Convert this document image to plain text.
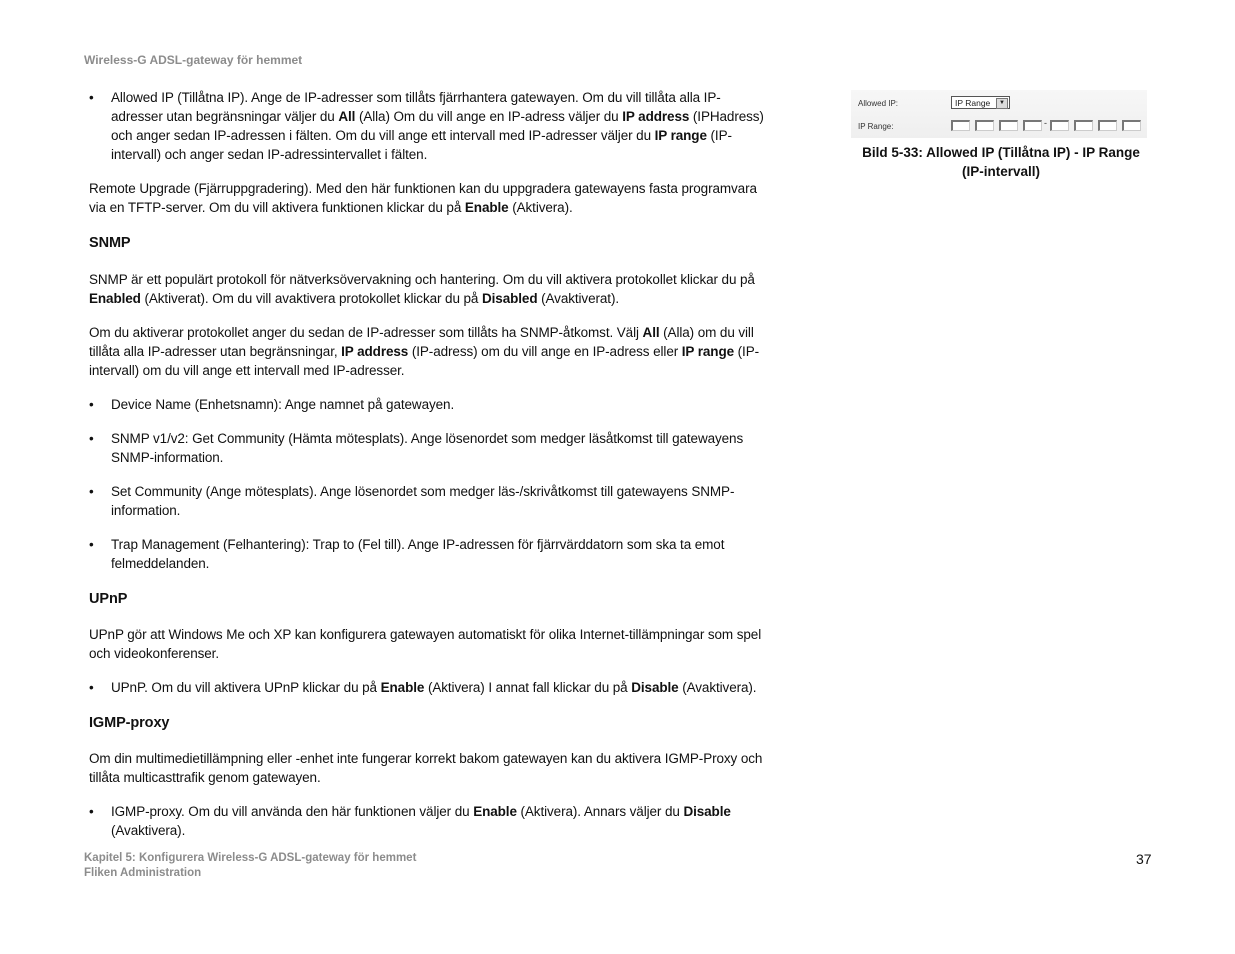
Wireless-G ADSL-gateway för hemmet

• Allowed IP (Tillåtna IP). Ange de IP-adresser som tillåts fjärrhantera gatewayen. Om du vill tillåta alla IP-adresser utan begränsningar väljer du All (Alla) Om du vill ange en IP-adress väljer du IP address (IPHadress) och anger sedan IP-adressen i fälten. Om du vill ange ett intervall med IP-adresser väljer du IP range (IP-intervall) och anger sedan IP-adressintervallet i fälten.

Remote Upgrade (Fjärruppgradering). Med den här funktionen kan du uppgradera gatewayens fasta programvara via en TFTP-server. Om du vill aktivera funktionen klickar du på Enable (Aktivera).

SNMP

SNMP är ett populärt protokoll för nätverksövervakning och hantering. Om du vill aktivera protokollet klickar du på Enabled (Aktiverat). Om du vill avaktivera protokollet klickar du på Disabled (Avaktiverat).

Om du aktiverar protokollet anger du sedan de IP-adresser som tillåts ha SNMP-åtkomst. Välj All (Alla) om du vill tillåta alla IP-adresser utan begränsningar, IP address (IP-adress) om du vill ange en IP-adress eller IP range (IP-intervall) om du vill ange ett intervall med IP-adresser.

• Device Name (Enhetsnamn): Ange namnet på gatewayen.

• SNMP v1/v2: Get Community (Hämta mötesplats). Ange lösenordet som medger läsåtkomst till gatewayens SNMP-information.

• Set Community (Ange mötesplats). Ange lösenordet som medger läs-/skrivåtkomst till gatewayens SNMP-information.

• Trap Management (Felhantering): Trap to (Fel till). Ange IP-adressen för fjärrvärddatorn som ska ta emot felmeddelanden.

UPnP

UPnP gör att Windows Me och XP kan konfigurera gatewayen automatiskt för olika Internet-tillämpningar som spel och videokonferenser.

• UPnP. Om du vill aktivera UPnP klickar du på Enable (Aktivera) I annat fall klickar du på Disable (Avaktivera).

IGMP-proxy

Om din multimedietillämpning eller -enhet inte fungerar korrekt bakom gatewayen kan du aktivera IGMP-Proxy och tillåta multicasttrafik genom gatewayen.

• IGMP-proxy. Om du vill använda den här funktionen väljer du Enable (Aktivera). Annars väljer du Disable (Avaktivera).

Allowed IP:	IP Range	▼
IP Range:	-
Bild 5-33: Allowed IP (Tillåtna IP) - IP Range
(IP-intervall)
Kapitel 5: Konfigurera Wireless-G ADSL-gateway för hemmet
Fliken Administration
37
